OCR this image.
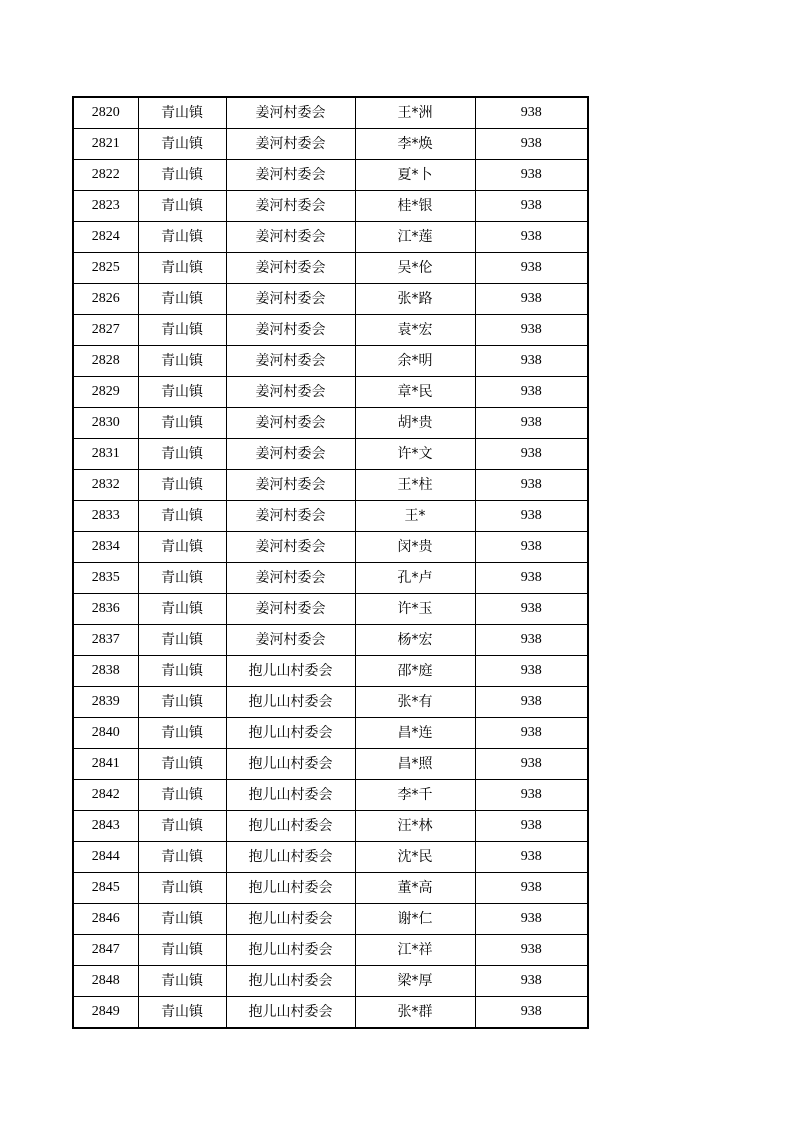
2820	青山镇	姜河村委会	王*洲	938
2821	青山镇	姜河村委会	李*焕	938
2822	青山镇	姜河村委会	夏*卜	938
2823	青山镇	姜河村委会	桂*银	938
2824	青山镇	姜河村委会	江*莲	938
2825	青山镇	姜河村委会	吴*伦	938
2826	青山镇	姜河村委会	张*路	938
2827	青山镇	姜河村委会	袁*宏	938
2828	青山镇	姜河村委会	余*明	938
2829	青山镇	姜河村委会	章*民	938
2830	青山镇	姜河村委会	胡*贵	938
2831	青山镇	姜河村委会	许*文	938
2832	青山镇	姜河村委会	王*柱	938
2833	青山镇	姜河村委会	王*	938
2834	青山镇	姜河村委会	闵*贵	938
2835	青山镇	姜河村委会	孔*卢	938
2836	青山镇	姜河村委会	许*玉	938
2837	青山镇	姜河村委会	杨*宏	938
2838	青山镇	抱儿山村委会	邵*庭	938
2839	青山镇	抱儿山村委会	张*有	938
2840	青山镇	抱儿山村委会	昌*连	938
2841	青山镇	抱儿山村委会	昌*照	938
2842	青山镇	抱儿山村委会	李*千	938
2843	青山镇	抱儿山村委会	汪*林	938
2844	青山镇	抱儿山村委会	沈*民	938
2845	青山镇	抱儿山村委会	董*高	938
2846	青山镇	抱儿山村委会	谢*仁	938
2847	青山镇	抱儿山村委会	江*祥	938
2848	青山镇	抱儿山村委会	梁*厚	938
2849	青山镇	抱儿山村委会	张*群	938
